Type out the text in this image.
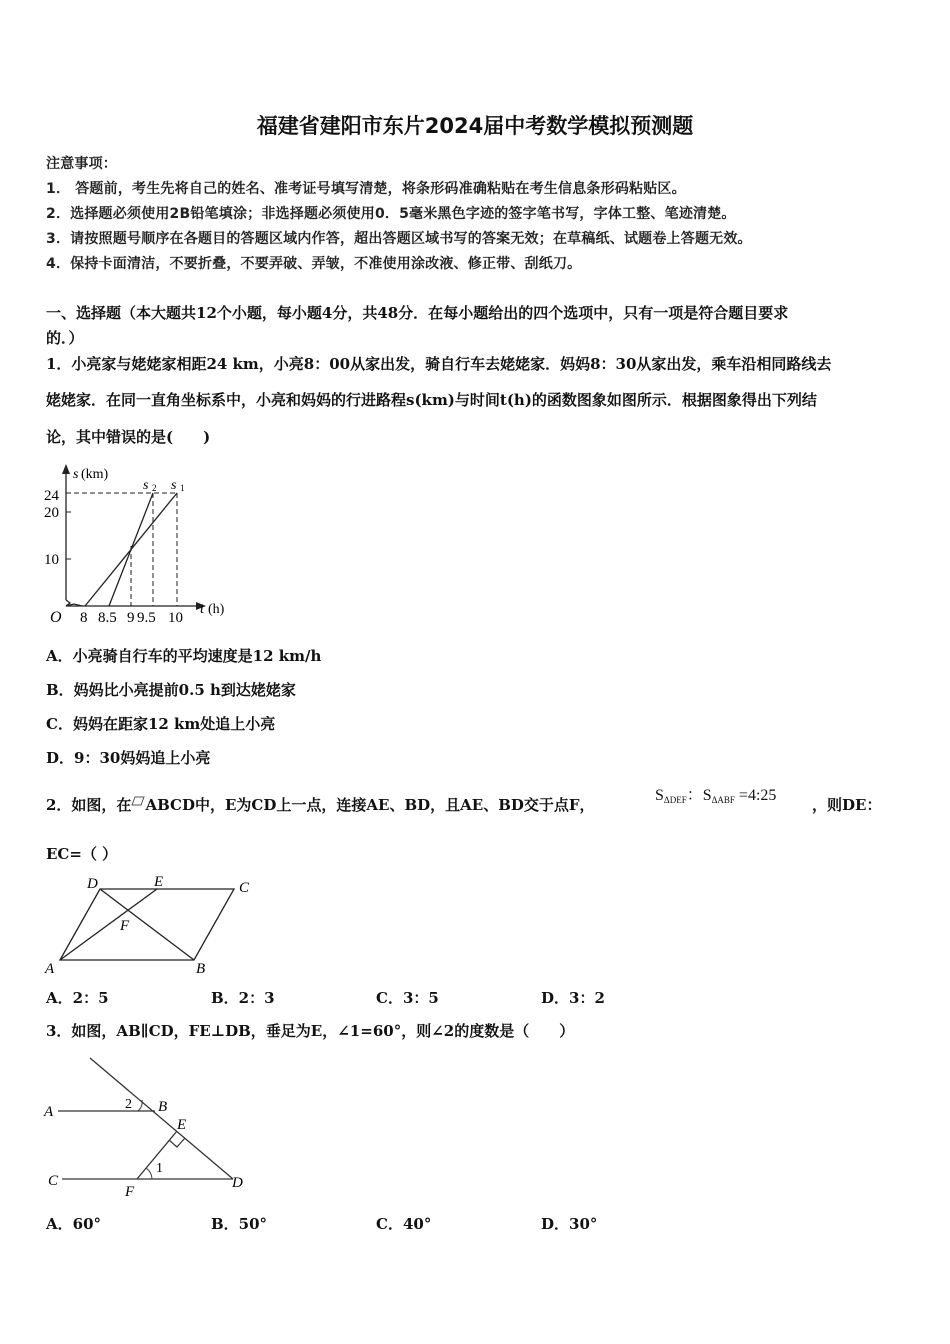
福建省建阳市东片2024届中考数学模拟预测题
注意事项：
1． 答题前，考生先将自己的姓名、准考证号填写清楚，将条形码准确粘贴在考生信息条形码粘贴区。
2．选择题必须使用2B铅笔填涂；非选择题必须使用0．5毫米黑色字迹的签字笔书写，字体工整、笔迹清楚。
3．请按照题号顺序在各题目的答题区域内作答，超出答题区域书写的答案无效；在草稿纸、试题卷上答题无效。
4．保持卡面清洁，不要折叠，不要弄破、弄皱，不准使用涂改液、修正带、刮纸刀。
一、选择题（本大题共12个小题，每小题4分，共48分．在每小题给出的四个选项中，只有一项是符合题目要求
的．）
1．小亮家与姥姥家相距24 km，小亮8：00从家出发，骑自行车去姥姥家．妈妈8：30从家出发，乘车沿相同路线去
姥姥家．在同一直角坐标系中，小亮和妈妈的行进路程s(km)与时间t(h)的函数图象如图所示．根据图象得出下列结
论，其中错误的是(　　)
s (km)
s 2 s 1
24
20
10
O 8 8.5 9 9.5 10
t (h)
A．小亮骑自行车的平均速度是12 km/h
B．妈妈比小亮提前0.5 h到达姥姥家
C．妈妈在距家12 km处追上小亮
D．9：30妈妈追上小亮
2．如图，在 ABCD中，E为CD上一点，连接AE、BD，且AE、BD交于点F，
$S_{\Delta DEF}$：$S_{\Delta ABF}$ =4:25
，则DE：
EC=（ ）
D	E	C
F
A	B
A．2：5	B．2：3	C．3：5	D．3：2
3．如图，AB∥CD，FE⊥DB，垂足为E，∠1=60°，则∠2的度数是（　　）
A	B
E
C
F
D
1
2
A．60°	B．50°	C．40°	D．30°
